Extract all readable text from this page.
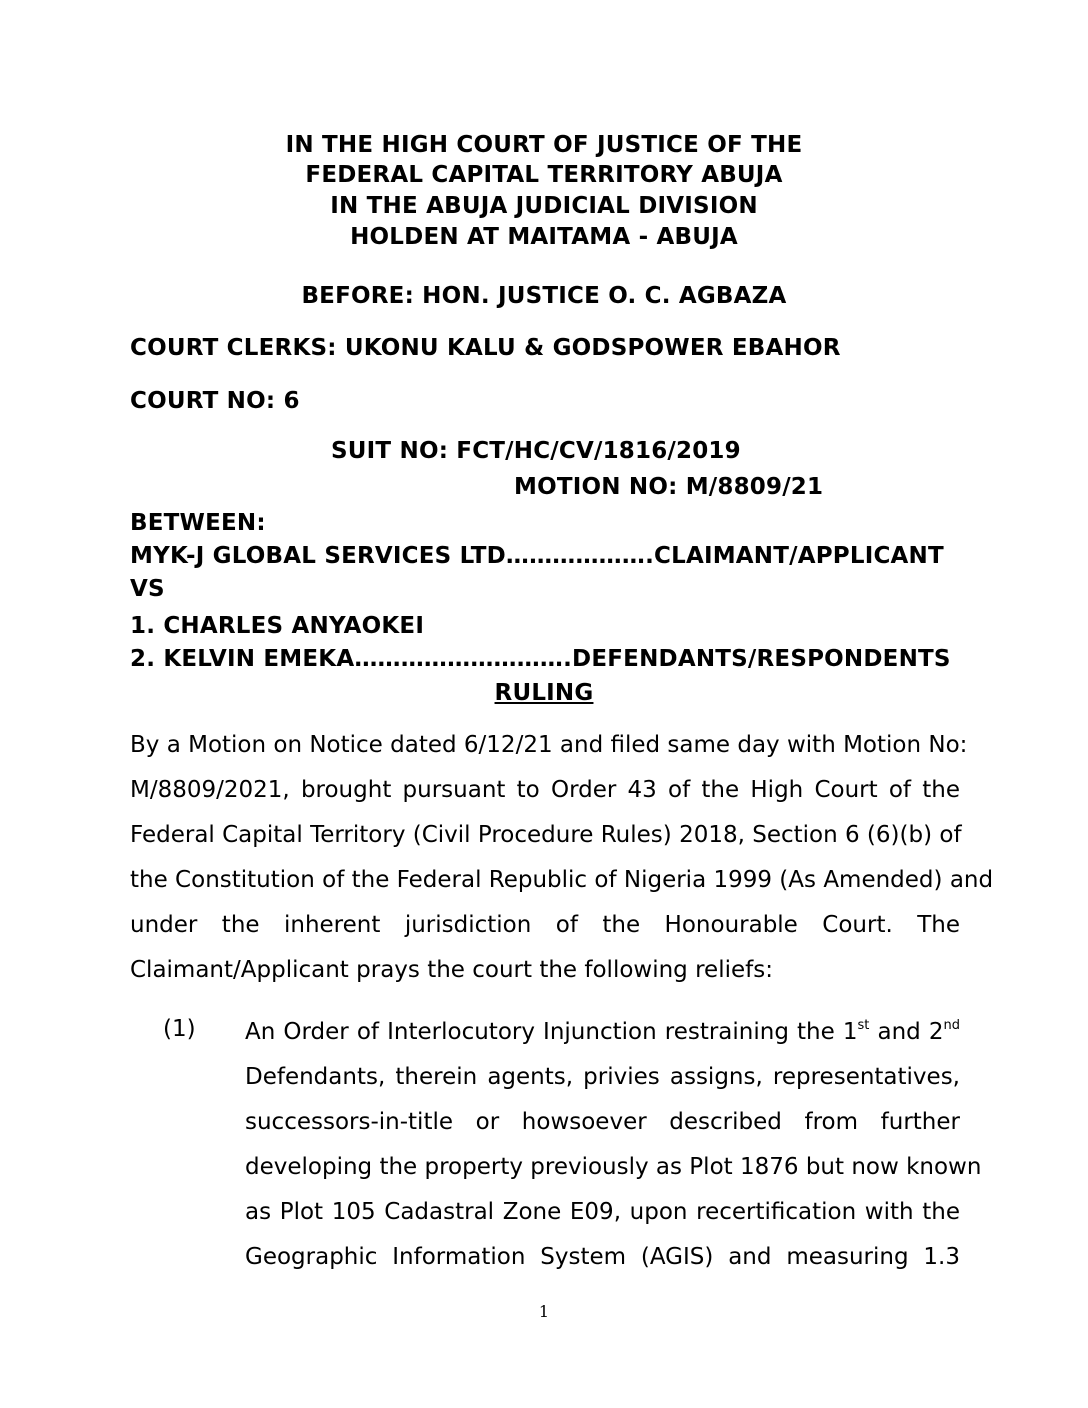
IN THE HIGH COURT OF JUSTICE OF THE
FEDERAL CAPITAL TERRITORY ABUJA
IN THE ABUJA JUDICIAL DIVISION
HOLDEN AT MAITAMA - ABUJA
BEFORE: HON. JUSTICE O. C. AGBAZA
COURT CLERKS: UKONU KALU & GODSPOWER EBAHOR
COURT NO: 6
SUIT NO: FCT/HC/CV/1816/2019
MOTION NO: M/8809/21
BETWEEN:
MYK-J GLOBAL SERVICES LTD……………….CLAIMANT/APPLICANT
VS
1. CHARLES ANYAOKEI
2. KELVIN EMEKA……………………….DEFENDANTS/RESPONDENTS
RULING
By a Motion on Notice dated 6/12/21 and filed same day with Motion No:
M/8809/2021, brought pursuant to Order 43 of the High Court of the
Federal Capital Territory (Civil Procedure Rules) 2018, Section 6 (6)(b) of
the Constitution of the Federal Republic of Nigeria 1999 (As Amended) and
under the inherent jurisdiction of the Honourable Court. The
Claimant/Applicant prays the court the following reliefs:
(1) An Order of Interlocutory Injunction restraining the 1st and 2nd
Defendants, therein agents, privies assigns, representatives,
successors-in-title or howsoever described from further
developing the property previously as Plot 1876 but now known
as Plot 105 Cadastral Zone E09, upon recertification with the
Geographic Information System (AGIS) and measuring 1.3
1
